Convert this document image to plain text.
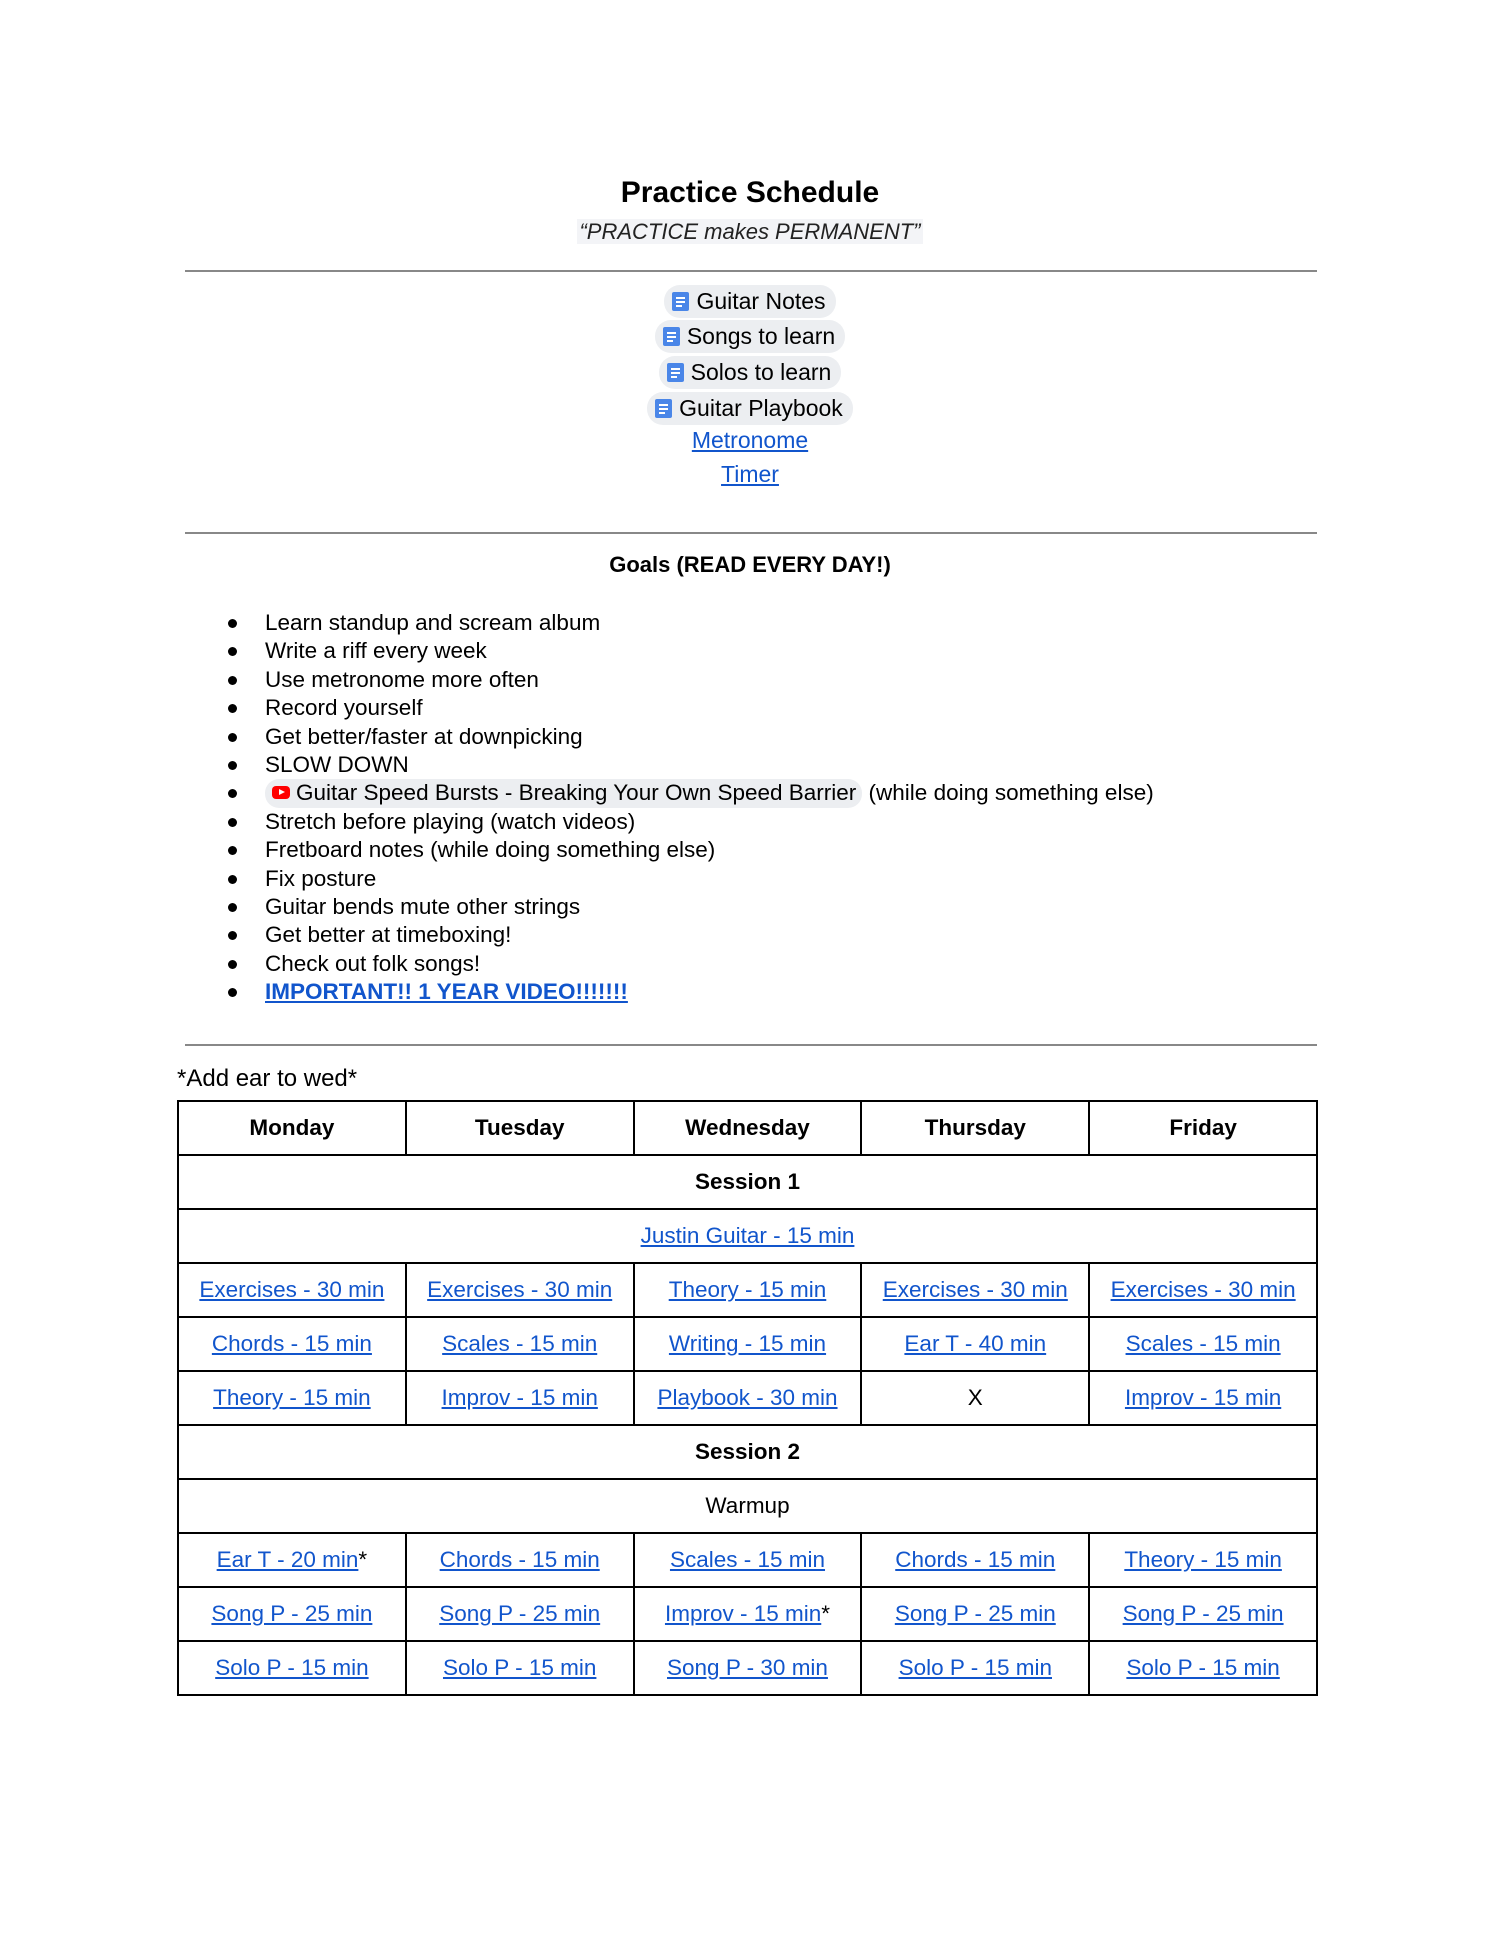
Practice Schedule
“PRACTICE makes PERMANENT”
Guitar Notes
Songs to learn
Solos to learn
Guitar Playbook
Metronome
Timer
Goals (READ EVERY DAY!)
Learn standup and scream album
Write a riff every week
Use metronome more often
Record yourself
Get better/faster at downpicking
SLOW DOWN
Guitar Speed Bursts - Breaking Your Own Speed Barrier (while doing something else)
Stretch before playing (watch videos)
Fretboard notes (while doing something else)
Fix posture
Guitar bends mute other strings
Get better at timeboxing!
Check out folk songs!
IMPORTANT!! 1 YEAR VIDEO!!!!!!!
*Add ear to wed*
Monday	Tuesday	Wednesday	Thursday	Friday
Session 1				
Justin Guitar - 15 min				
Exercises - 30 min	Exercises - 30 min	Theory - 15 min	Exercises - 30 min	Exercises - 30 min
Chords - 15 min	Scales - 15 min	Writing - 15 min	Ear T - 40 min	Scales - 15 min
Theory - 15 min	Improv - 15 min	Playbook - 30 min	X	Improv - 15 min
Session 2				
Warmup				
Ear T - 20 min*	Chords - 15 min	Scales - 15 min	Chords - 15 min	Theory - 15 min
Song P - 25 min	Song P - 25 min	Improv - 15 min*	Song P - 25 min	Song P - 25 min
Solo P - 15 min	Solo P - 15 min	Song P - 30 min	Solo P - 15 min	Solo P - 15 min
